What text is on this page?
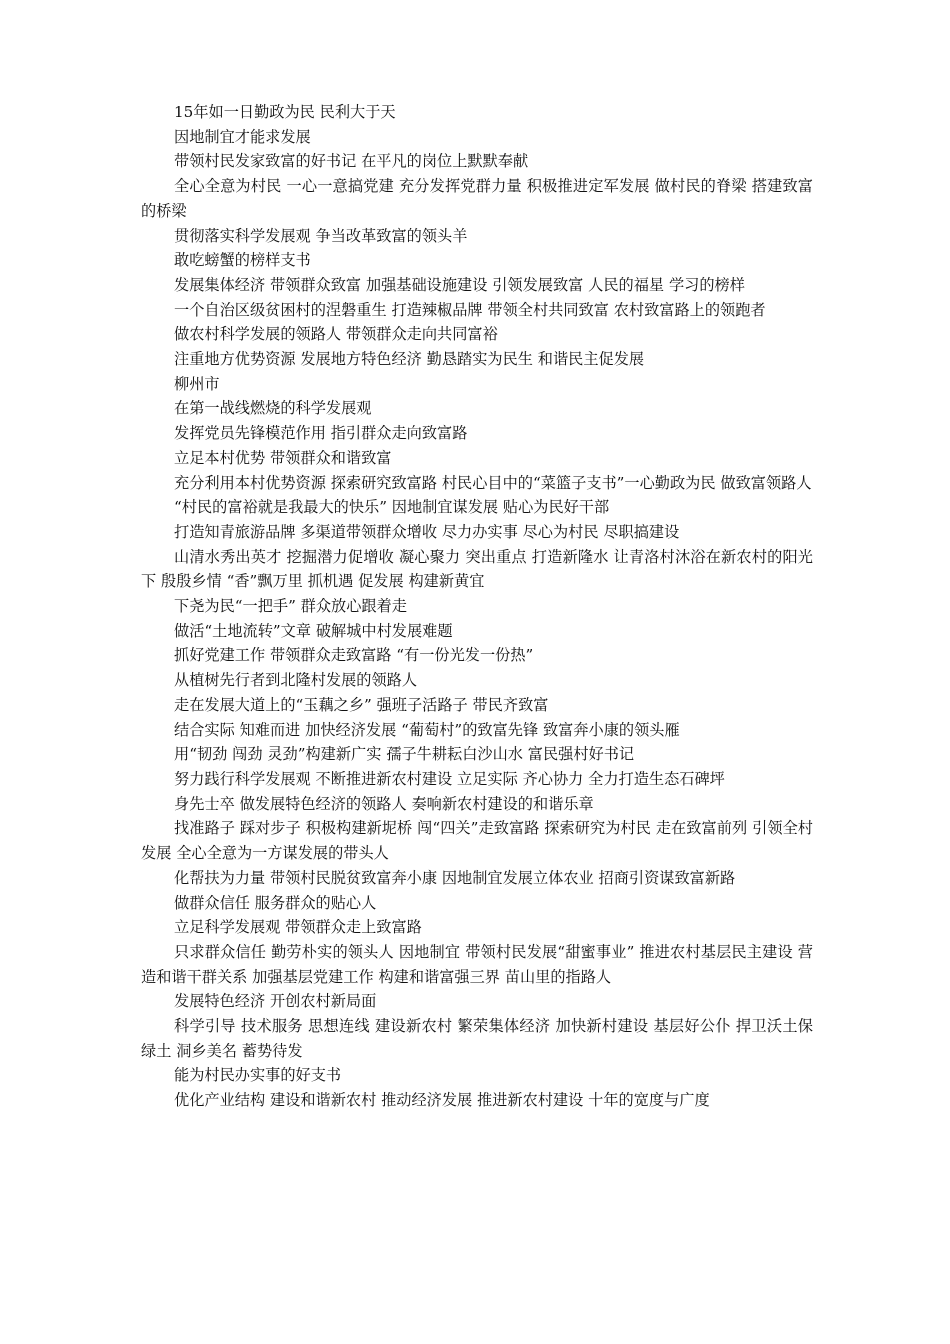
15年如一日勤政为民 民利大于天

因地制宜才能求发展

带领村民发家致富的好书记 在平凡的岗位上默默奉献

全心全意为村民 一心一意搞党建 充分发挥党群力量 积极推进定军发展 做村民的脊梁 搭建致富的桥梁

贯彻落实科学发展观 争当改革致富的领头羊

敢吃螃蟹的榜样支书

发展集体经济 带领群众致富 加强基础设施建设 引领发展致富 人民的福星 学习的榜样

一个自治区级贫困村的涅磐重生 打造辣椒品牌 带领全村共同致富 农村致富路上的领跑者

做农村科学发展的领路人 带领群众走向共同富裕

注重地方优势资源 发展地方特色经济 勤恳踏实为民生 和谐民主促发展

柳州市

在第一战线燃烧的科学发展观

发挥党员先锋模范作用 指引群众走向致富路

立足本村优势 带领群众和谐致富

充分利用本村优势资源 探索研究致富路 村民心目中的“菜篮子支书”一心勤政为民 做致富领路人

“村民的富裕就是我最大的快乐” 因地制宜谋发展 贴心为民好干部

打造知青旅游品牌 多渠道带领群众增收 尽力办实事 尽心为村民 尽职搞建设

山清水秀出英才 挖掘潜力促增收 凝心聚力 突出重点 打造新隆水 让青洛村沐浴在新农村的阳光下 殷殷乡情 “香”飘万里 抓机遇 促发展 构建新黄宜

下尧为民“一把手” 群众放心跟着走

做活“土地流转”文章 破解城中村发展难题

抓好党建工作 带领群众走致富路 “有一份光发一份热”

从植树先行者到北隆村发展的领路人

走在发展大道上的“玉藕之乡” 强班子活路子 带民齐致富

结合实际 知难而进 加快经济发展 “葡萄村”的致富先锋 致富奔小康的领头雁

用“韧劲 闯劲 灵劲”构建新广实 孺子牛耕耘白沙山水 富民强村好书记

努力践行科学发展观 不断推进新农村建设 立足实际 齐心协力 全力打造生态石碑坪

身先士卒 做发展特色经济的领路人 奏响新农村建设的和谐乐章

找准路子 踩对步子 积极构建新坭桥 闯“四关”走致富路 探索研究为村民 走在致富前列 引领全村发展 全心全意为一方谋发展的带头人

化帮扶为力量 带领村民脱贫致富奔小康 因地制宜发展立体农业 招商引资谋致富新路

做群众信任 服务群众的贴心人

立足科学发展观 带领群众走上致富路

只求群众信任 勤劳朴实的领头人 因地制宜 带领村民发展“甜蜜事业” 推进农村基层民主建设 营造和谐干群关系 加强基层党建工作 构建和谐富强三界 苗山里的指路人

发展特色经济 开创农村新局面

科学引导 技术服务 思想连线 建设新农村 繁荣集体经济 加快新村建设 基层好公仆 捍卫沃土保绿土 洞乡美名 蓄势待发

能为村民办实事的好支书

优化产业结构 建设和谐新农村 推动经济发展 推进新农村建设 十年的宽度与广度
